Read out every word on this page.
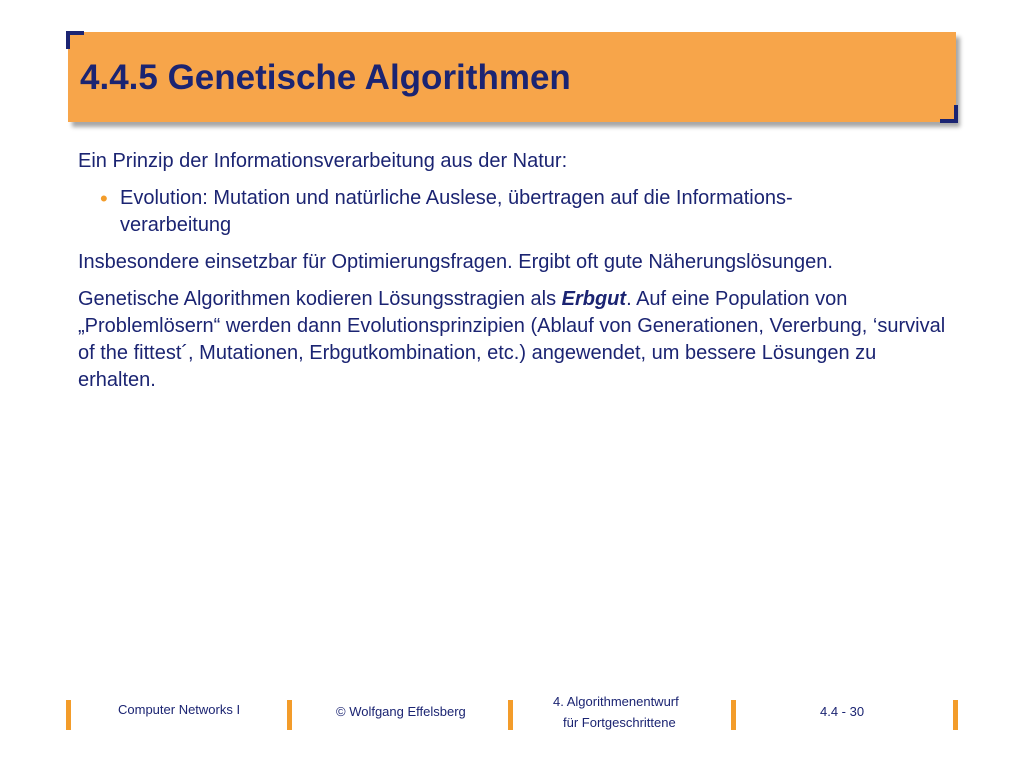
4.4.5 Genetische Algorithmen

Ein Prinzip der Informationsverarbeitung aus der Natur:

• Evolution: Mutation und natürliche Auslese, übertragen auf die Informations-
verarbeitung

Insbesondere einsetzbar für Optimierungsfragen. Ergibt oft gute Näherungslösungen.

Genetische Algorithmen kodieren Lösungsstragien als Erbgut. Auf eine Population von „Problemlösern“ werden dann Evolutionsprinzipien (Ablauf von Generationen, Vererbung, ‘survival of the fittest´, Mutationen, Erbgutkombination, etc.) angewendet, um bessere Lösungen zu erhalten.

Computer Networks I	© Wolfgang Effelsberg
4. Algorithmenentwurf
für Fortgeschrittene
4.4 - 30
